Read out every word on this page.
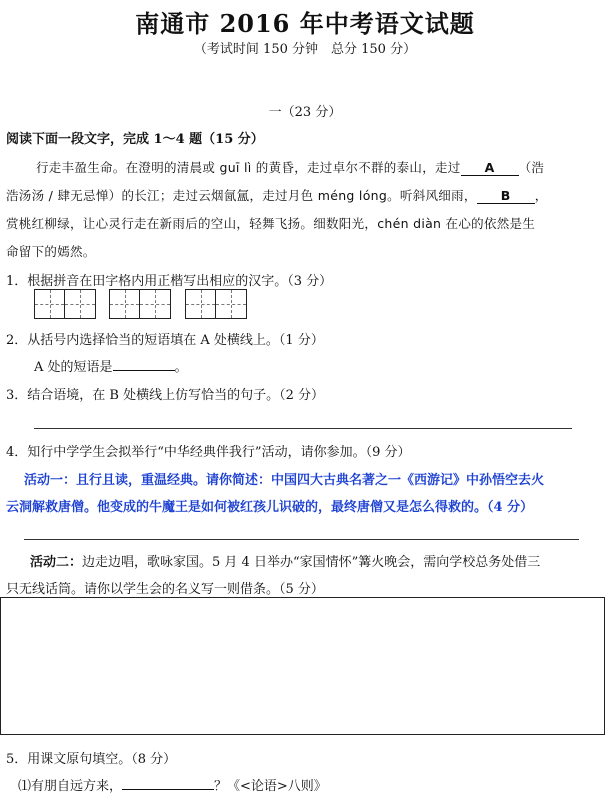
南通市 2016 年中考语文试题
（考试时间 150 分钟　总分 150 分）
一（23 分）
阅读下面一段文字，完成 1～4 题（15 分）
行走丰盈生命。在澄明的清晨或 guī lì 的黄昏，走过卓尔不群的泰山，走过 A （浩
浩汤汤 / 肆无忌惮）的长江；走过云烟氤氲，走过月色 méng lóng。听斜风细雨， B ，
赏桃红柳绿，让心灵行走在新雨后的空山，轻舞飞扬。细数阳光，chén diàn 在心的依然是生
命留下的嫣然。
1．根据拼音在田字格内用正楷写出相应的汉字。（3 分）
2．从括号内选择恰当的短语填在 A 处横线上。（1 分）
A 处的短语是	。
3．结合语境，在 B 处横线上仿写恰当的句子。（2 分）
4．知行中学学生会拟举行“中华经典伴我行”活动，请你参加。（9 分）
活动一：且行且读，重温经典。请你简述：中国四大古典名著之一《西游记》中孙悟空去火
云洞解救唐僧。他变成的牛魔王是如何被红孩儿识破的，最终唐僧又是怎么得救的。（4 分）
活动二：边走边唱，歌咏家国。5 月 4 日举办“家国情怀”篝火晚会，需向学校总务处借三
只无线话筒。请你以学生会的名义写一则借条。（5 分）
5．用课文原句填空。（8 分）
⑴有朋自远方来，	？《<论语>八则》
